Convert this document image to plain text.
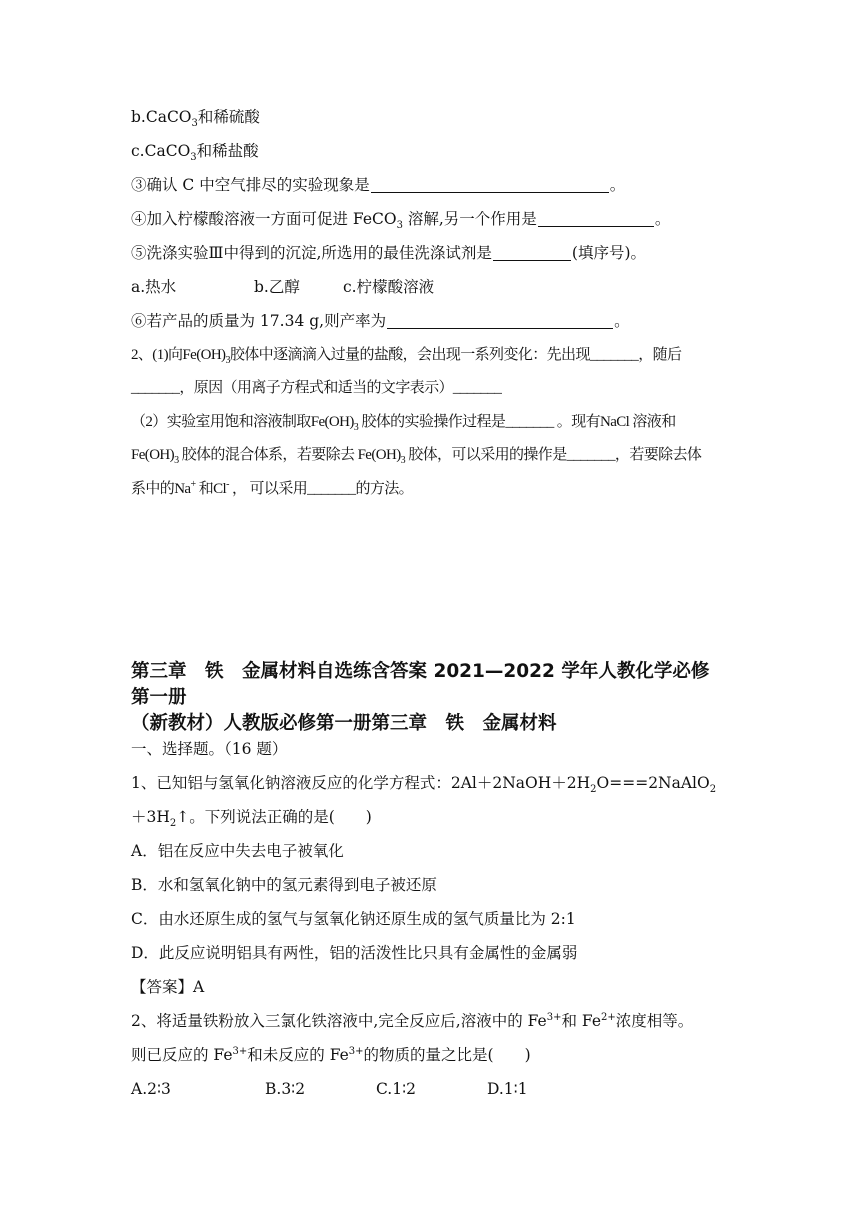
b.CaCO$_3$和稀硫酸
c.CaCO$_3$和稀盐酸
③确认 C 中空气排尽的实验现象是	。
④加入柠檬酸溶液一方面可促进 FeCO$_3$ 溶解,另一个作用是	。
⑤洗涤实验Ⅲ中得到的沉淀,所选用的最佳洗涤试剂是	(填序号)。
a.热水	b.乙醇	c.柠檬酸溶液
⑥若产品的质量为 17.34 g,则产率为	。
2、(1)向$Fe(OH)_3$胶体中逐滴滴入过量的盐酸，会出现一系列变化：先出现_______，随后
_______，原因（用离子方程式和适当的文字表示）_______
（2）实验室用饱和溶液制取$Fe(OH)_3$ 胶体的实验操作过程是_______ 。现有NaCl 溶液和
$Fe(OH)_3$ 胶体的混合体系，若要除去 $Fe(OH)_3$ 胶体，可以采用的操作是_______，若要除去体
系中的Na+ 和Cl- ， 可以采用_______的方法。
第三章　铁　金属材料自选练含答案 2021—2022 学年人教化学必修
第一册
（新教材）人教版必修第一册第三章　铁　金属材料
一、选择题。（16 题）
1、已知铝与氢氧化钠溶液反应的化学方程式：$2Al+2NaOH+2H_2O===2NaAlO_2$
$+3H_2↑$。下列说法正确的是(　　)
A．铝在反应中失去电子被氧化
B．水和氢氧化钠中的氢元素得到电子被还原
C．由水还原生成的氢气与氢氧化钠还原生成的氢气质量比为 2:1
D．此反应说明铝具有两性，铝的活泼性比只具有金属性的金属弱
【答案】A
2、将适量铁粉放入三氯化铁溶液中,完全反应后,溶液中的 $Fe^{3+}$和 $Fe^{2+}$浓度相等。
则已反应的 $Fe^{3+}$和未反应的 $Fe^{3+}$的物质的量之比是(　　)
A.2∶3	B.3∶2	C.1∶2	D.1∶1
